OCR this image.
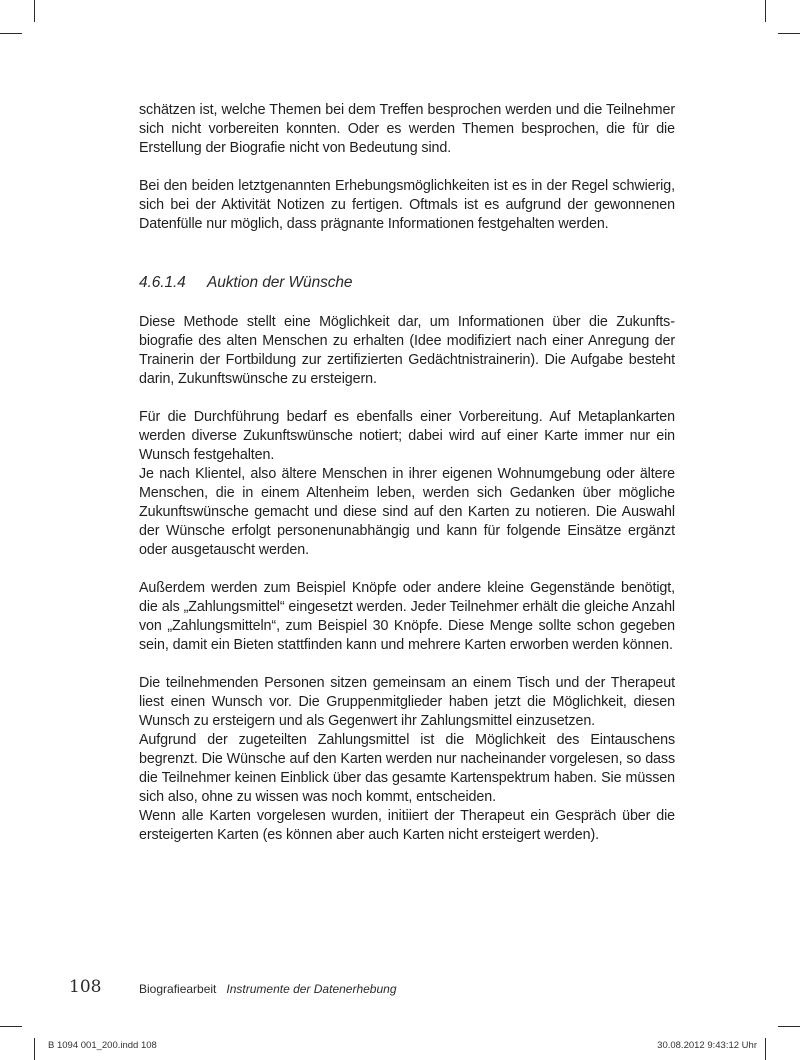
schätzen ist, welche Themen bei dem Treffen besprochen werden und die Teilnehmer sich nicht vorbereiten konnten. Oder es werden Themen besprochen, die für die Erstellung der Biografie nicht von Bedeutung sind.

Bei den beiden letztgenannten Erhebungsmöglichkeiten ist es in der Regel schwierig, sich bei der Aktivität Notizen zu fertigen. Oftmals ist es aufgrund der gewonnenen Datenfülle nur möglich, dass prägnante Informationen festgehalten werden.

4.6.1.4 Auktion der Wünsche

Diese Methode stellt eine Möglichkeit dar, um Informationen über die Zukunftsbiografie des alten Menschen zu erhalten (Idee modifiziert nach einer Anregung der Trainerin der Fortbildung zur zertifizierten Gedächtnistrainerin). Die Aufgabe besteht darin, Zukunftswünsche zu ersteigern.

Für die Durchführung bedarf es ebenfalls einer Vorbereitung. Auf Metaplankarten werden diverse Zukunftswünsche notiert; dabei wird auf einer Karte immer nur ein Wunsch festgehalten.

Je nach Klientel, also ältere Menschen in ihrer eigenen Wohnumgebung oder ältere Menschen, die in einem Altenheim leben, werden sich Gedanken über mögliche Zukunftswünsche gemacht und diese sind auf den Karten zu notieren. Die Auswahl der Wünsche erfolgt personenunabhängig und kann für folgende Einsätze ergänzt oder ausgetauscht werden.

Außerdem werden zum Beispiel Knöpfe oder andere kleine Gegenstände benötigt, die als „Zahlungsmittel“ eingesetzt werden. Jeder Teilnehmer erhält die gleiche Anzahl von „Zahlungsmitteln“, zum Beispiel 30 Knöpfe. Diese Menge sollte schon gegeben sein, damit ein Bieten stattfinden kann und mehrere Karten erworben werden können.

Die teilnehmenden Personen sitzen gemeinsam an einem Tisch und der Therapeut liest einen Wunsch vor. Die Gruppenmitglieder haben jetzt die Möglichkeit, diesen Wunsch zu ersteigern und als Gegenwert ihr Zahlungsmittel einzusetzen.

Aufgrund der zugeteilten Zahlungsmittel ist die Möglichkeit des Eintauschens begrenzt. Die Wünsche auf den Karten werden nur nacheinander vorgelesen, so dass die Teilnehmer keinen Einblick über das gesamte Kartenspektrum haben. Sie müssen sich also, ohne zu wissen was noch kommt, entscheiden.

Wenn alle Karten vorgelesen wurden, initiiert der Therapeut ein Gespräch über die ersteigerten Karten (es können aber auch Karten nicht ersteigert werden).

108	Biografiearbeit Instrumente der Datenerhebung
B 1094 001_200.indd 108	30.08.2012 9:43:12 Uhr
